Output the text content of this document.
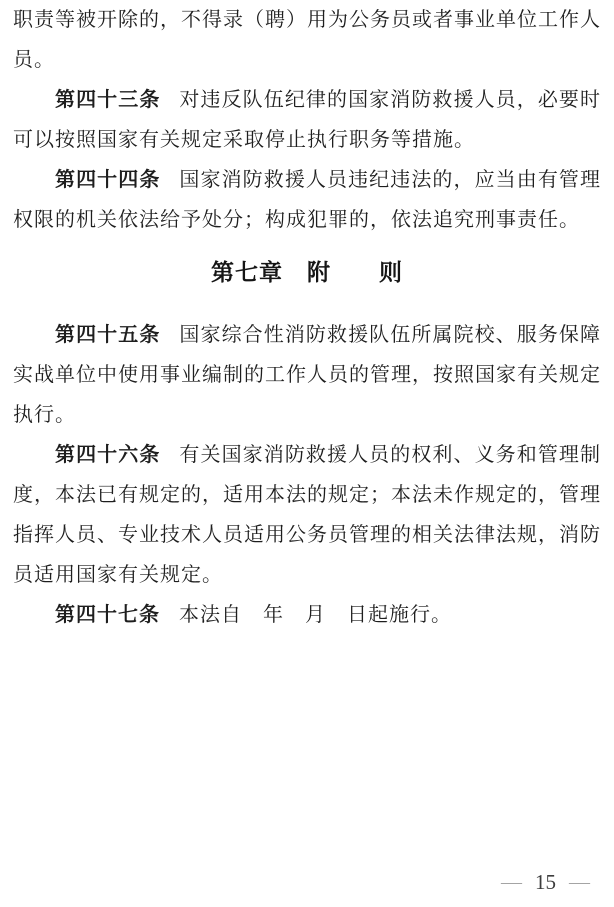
职责等被开除的，不得录（聘）用为公务员或者事业单位工作人员。

第四十三条 对违反队伍纪律的国家消防救援人员，必要时可以按照国家有关规定采取停止执行职务等措施。

第四十四条 国家消防救援人员违纪违法的，应当由有管理权限的机关依法给予处分；构成犯罪的，依法追究刑事责任。

第七章　附　　则

第四十五条 国家综合性消防救援队伍所属院校、服务保障实战单位中使用事业编制的工作人员的管理，按照国家有关规定执行。

第四十六条 有关国家消防救援人员的权利、义务和管理制度，本法已有规定的，适用本法的规定；本法未作规定的，管理指挥人员、专业技术人员适用公务员管理的相关法律法规，消防员适用国家有关规定。

第四十七条 本法自　年　月　日起施行。

— 15 —
